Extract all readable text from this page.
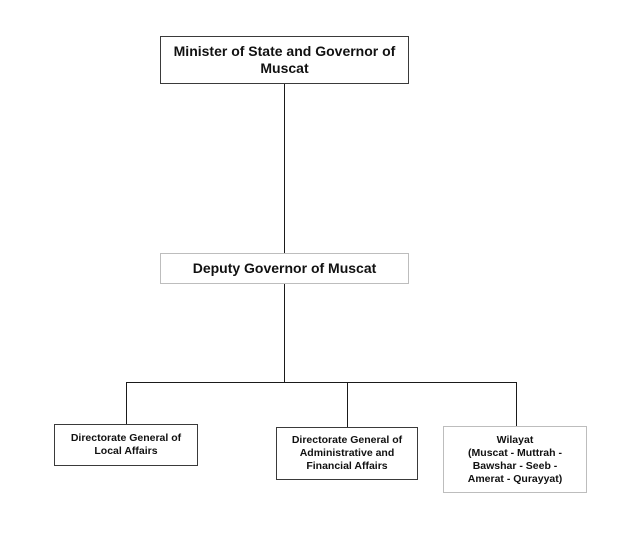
Minister of State and Governor of
Muscat
Deputy Governor of Muscat
Directorate General of
Local Affairs
Directorate General of
Administrative and
Financial Affairs
Wilayat
(Muscat - Muttrah -
Bawshar - Seeb -
Amerat - Qurayyat)
